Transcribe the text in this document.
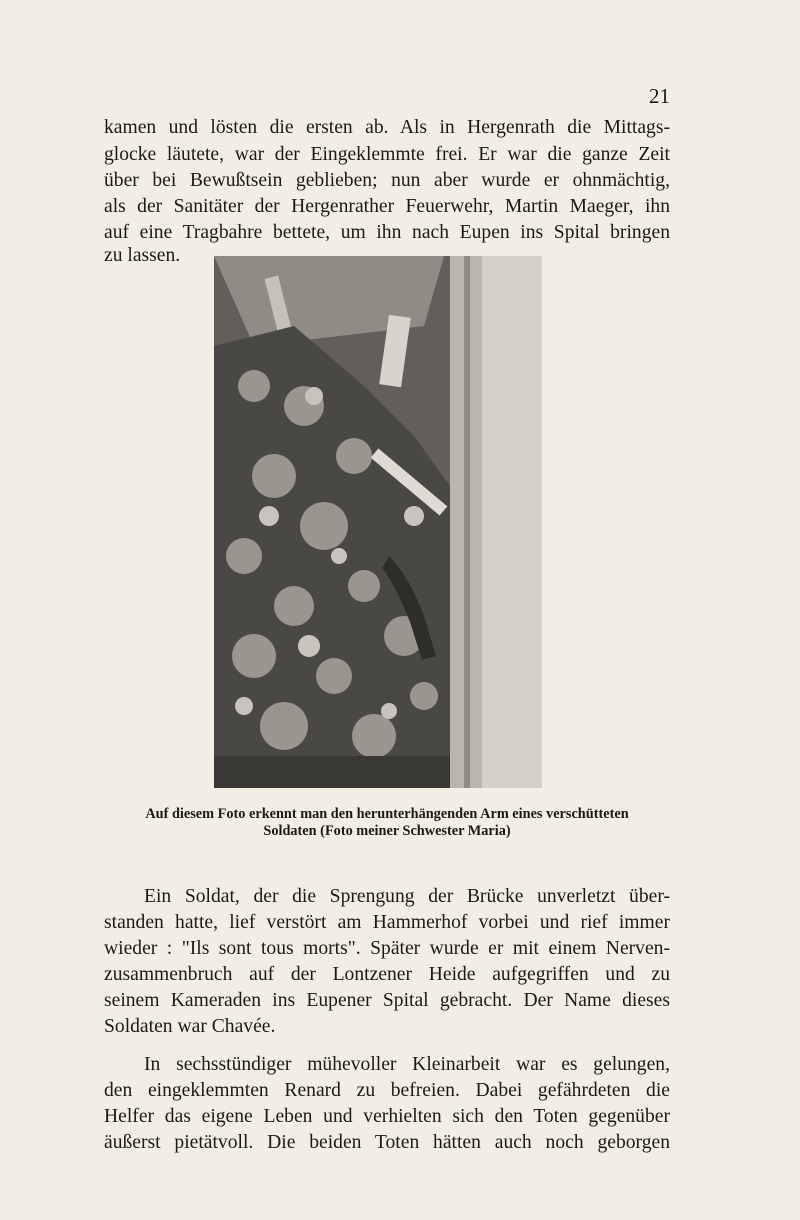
21
kamen und lösten die ersten ab. Als in Hergenrath die Mittags-
glocke läutete, war der Eingeklemmte frei. Er war die ganze Zeit
über bei Bewußtsein geblieben; nun aber wurde er ohnmächtig,
als der Sanitäter der Hergenrather Feuerwehr, Martin Maeger, ihn
auf eine Tragbahre bettete, um ihn nach Eupen ins Spital bringen
zu lassen.
Auf diesem Foto erkennt man den herunterhängenden Arm eines verschütteten
Soldaten (Foto meiner Schwester Maria)
Ein Soldat, der die Sprengung der Brücke unverletzt über-
standen hatte, lief verstört am Hammerhof vorbei und rief immer
wieder : "Ils sont tous morts". Später wurde er mit einem Nerven-
zusammenbruch auf der Lontzener Heide aufgegriffen und zu
seinem Kameraden ins Eupener Spital gebracht. Der Name dieses
Soldaten war Chavée.
In sechsstündiger mühevoller Kleinarbeit war es gelungen,
den eingeklemmten Renard zu befreien. Dabei gefährdeten die
Helfer das eigene Leben und verhielten sich den Toten gegenüber
äußerst pietätvoll. Die beiden Toten hätten auch noch geborgen
